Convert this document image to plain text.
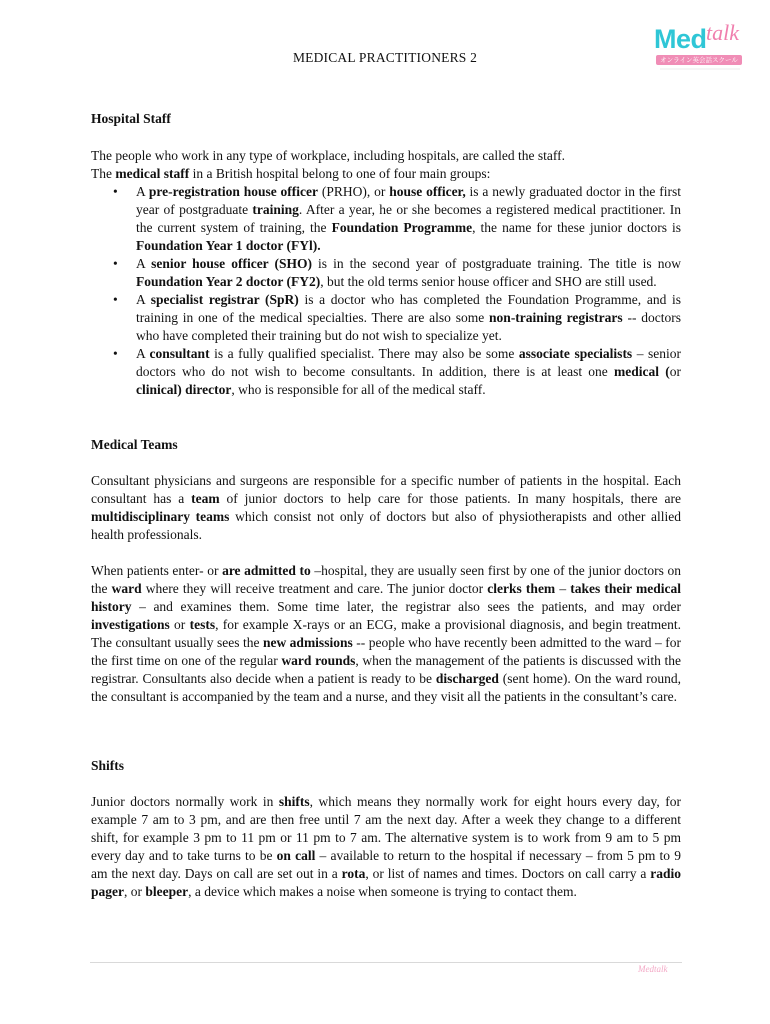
MEDICAL PRACTITIONERS 2
Med talk
オンライン英会話スクール
Hospital Staff

The people who work in any type of workplace, including hospitals, are called the staff.

The medical staff in a British hospital belong to one of four main groups:

• A pre-registration house officer (PRHO), or house officer, is a newly graduated doctor in the first year of postgraduate training. After a year, he or she becomes a registered medical practitioner. In the current system of training, the Foundation Programme, the name for these junior doctors is Foundation Year 1 doctor (FYl).
• A senior house officer (SHO) is in the second year of postgraduate training. The title is now Foundation Year 2 doctor (FY2), but the old terms senior house officer and SHO are still used.
• A specialist registrar (SpR) is a doctor who has completed the Foundation Programme, and is training in one of the medical specialties. There are also some non-training registrars -- doctors who have completed their training but do not wish to specialize yet.
• A consultant is a fully qualified specialist. There may also be some associate specialists – senior doctors who do not wish to become consultants. In addition, there is at least one medical (or clinical) director, who is responsible for all of the medical staff.
Medical Teams

Consultant physicians and surgeons are responsible for a specific number of patients in the hospital. Each consultant has a team of junior doctors to help care for those patients. In many hospitals, there are multidisciplinary teams which consist not only of doctors but also of physiotherapists and other allied health professionals.

When patients enter- or are admitted to –hospital, they are usually seen first by one of the junior doctors on the ward where they will receive treatment and care. The junior doctor clerks them – takes their medical history – and examines them. Some time later, the registrar also sees the patients, and may order investigations or tests, for example X-rays or an ECG, make a provisional diagnosis, and begin treatment. The consultant usually sees the new admissions -- people who have recently been admitted to the ward – for the first time on one of the regular ward rounds, when the management of the patients is discussed with the registrar. Consultants also decide when a patient is ready to be discharged (sent home). On the ward round, the consultant is accompanied by the team and a nurse, and they visit all the patients in the consultant’s care.

Shifts

Junior doctors normally work in shifts, which means they normally work for eight hours every day, for example 7 am to 3 pm, and are then free until 7 am the next day. After a week they change to a different shift, for example 3 pm to 11 pm or 11 pm to 7 am. The alternative system is to work from 9 am to 5 pm every day and to take turns to be on call – available to return to the hospital if necessary – from 5 pm to 9 am the next day. Days on call are set out in a rota, or list of names and times. Doctors on call carry a radio pager, or bleeper, a device which makes a noise when someone is trying to contact them.

Medtalk
